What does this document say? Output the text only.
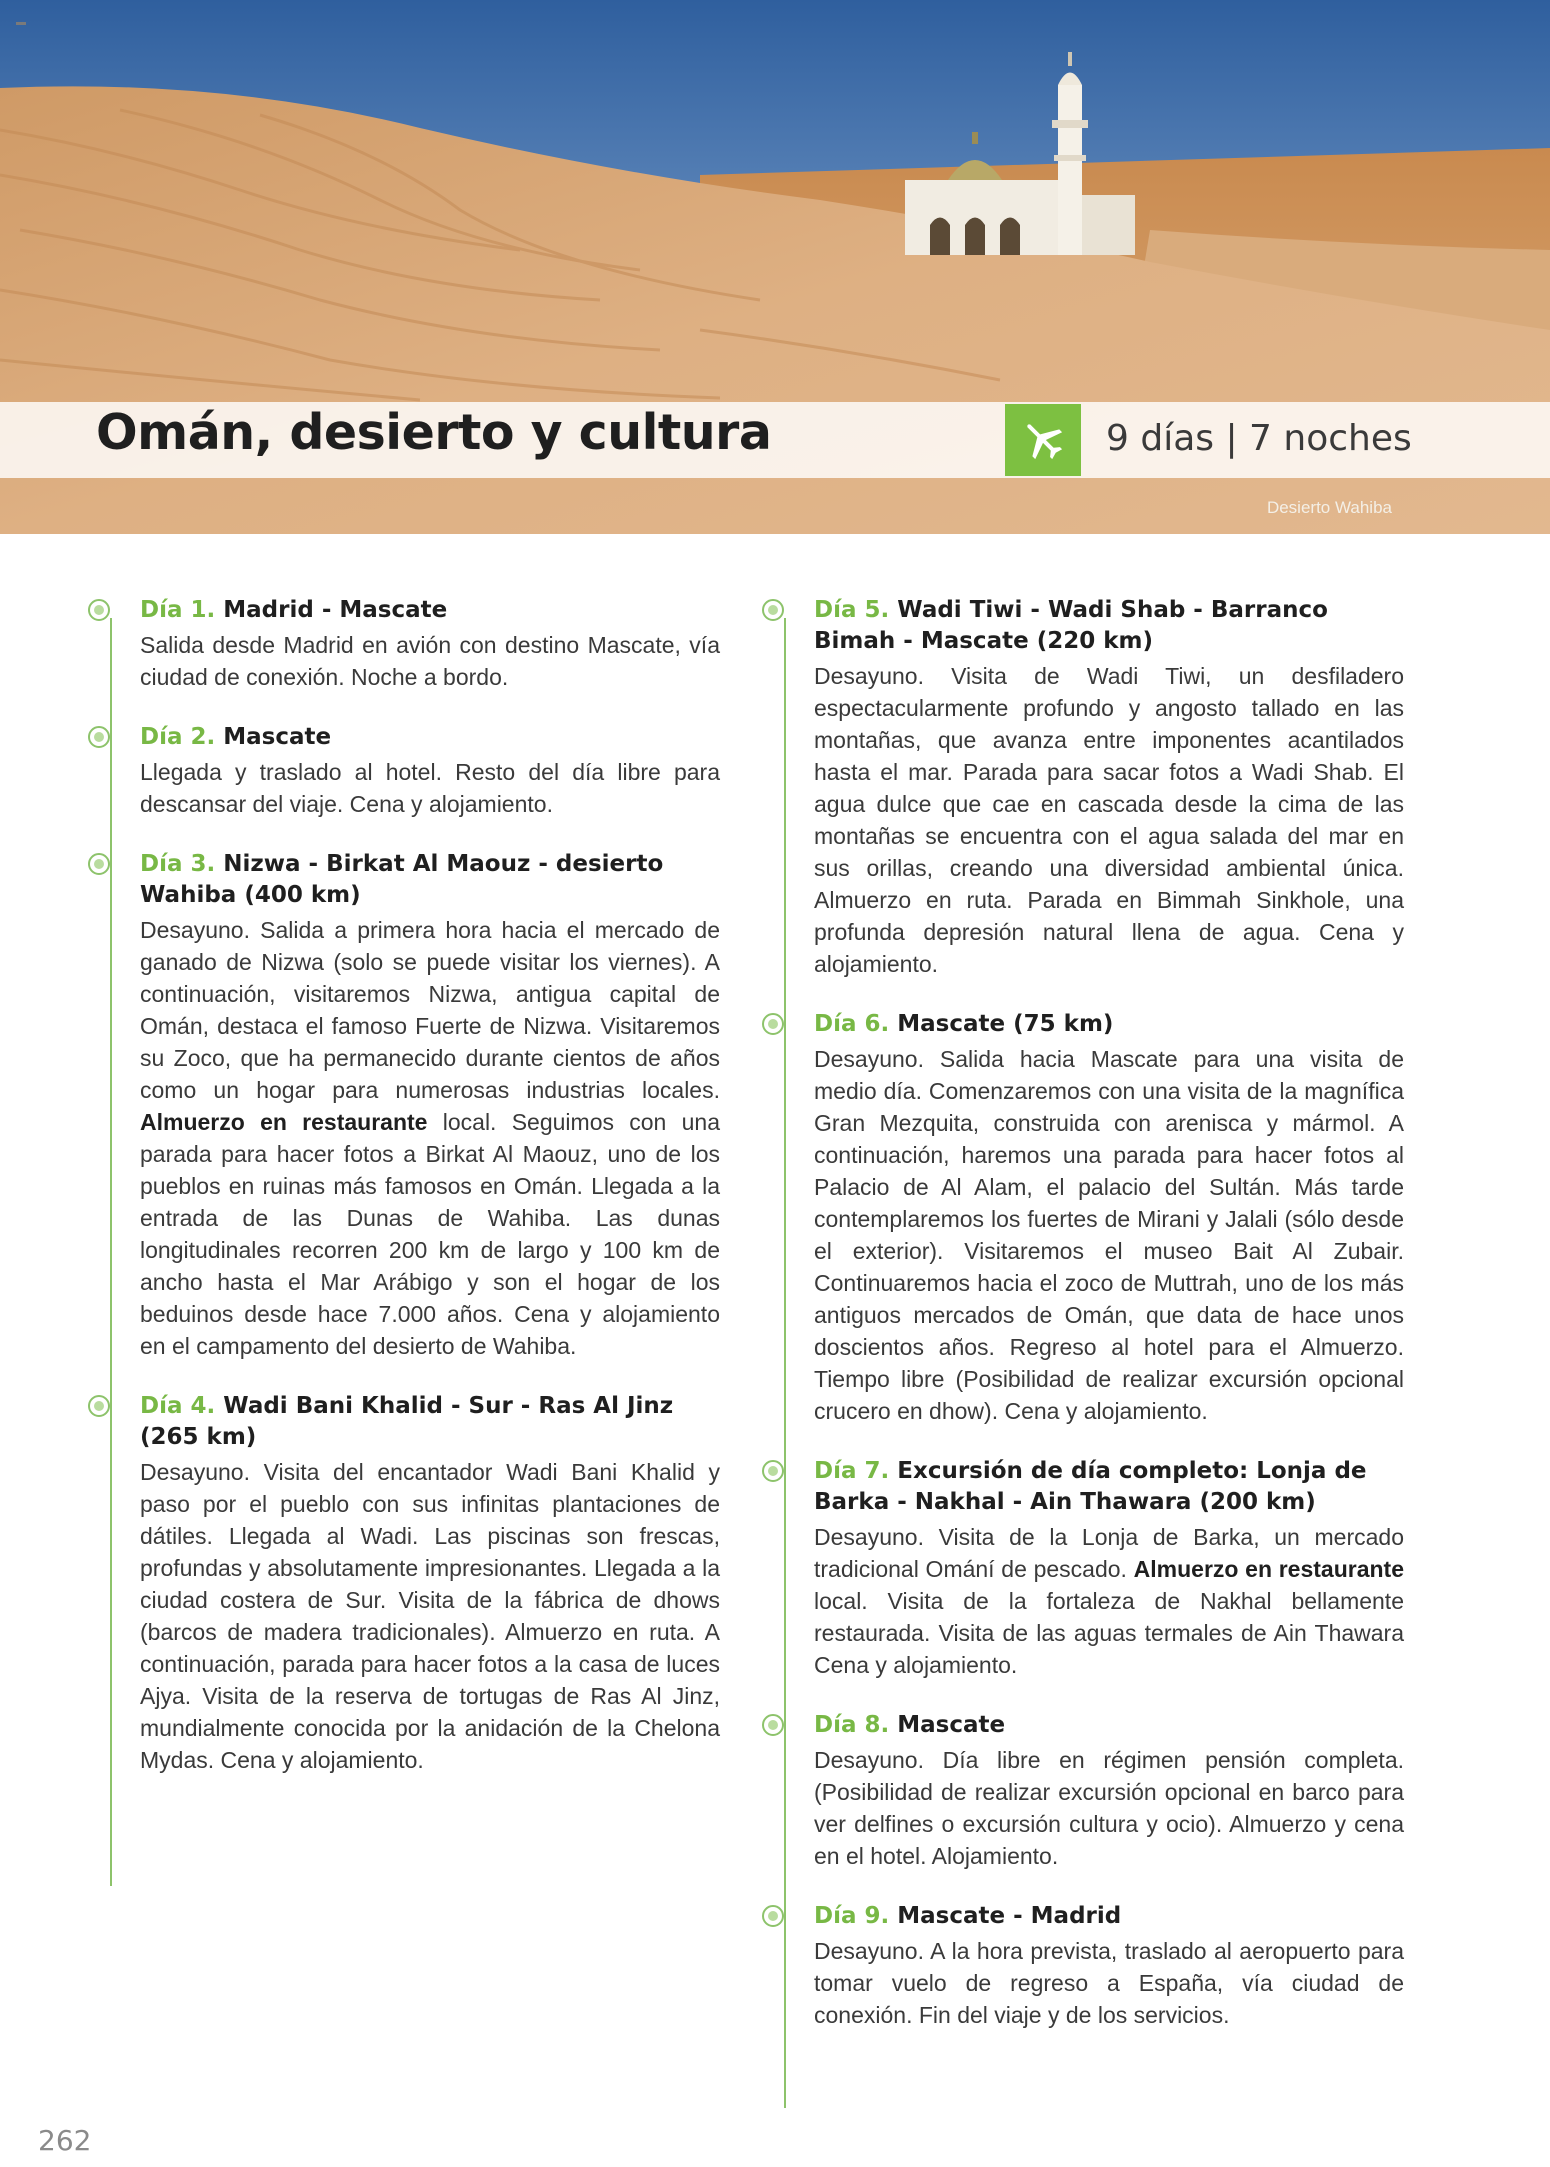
Omán, desierto y cultura	9 días | 7 noches
Desierto Wahiba

Día 1. Madrid - Mascate

Salida desde Madrid en avión con destino Mascate, vía ciudad de conexión. Noche a bordo.

Día 2. Mascate

Llegada y traslado al hotel. Resto del día libre para descansar del viaje. Cena y alojamiento.

Día 3. Nizwa - Birkat Al Maouz - desierto Wahiba (400 km)

Desayuno. Salida a primera hora hacia el mercado de ganado de Nizwa (solo se puede visitar los viernes). A continuación, visitaremos Nizwa, antigua capital de Omán, destaca el famoso Fuerte de Nizwa. Visitaremos su Zoco, que ha permanecido durante cientos de años como un hogar para numerosas industrias locales. Almuerzo en restaurante local. Seguimos con una parada para hacer fotos a Birkat Al Maouz, uno de los pueblos en ruinas más famosos en Omán. Llegada a la entrada de las Dunas de Wahiba. Las dunas longitudinales recorren 200 km de largo y 100 km de ancho hasta el Mar Arábigo y son el hogar de los beduinos desde hace 7.000 años. Cena y alojamiento en el campamento del desierto de Wahiba.

Día 4. Wadi Bani Khalid - Sur - Ras Al Jinz (265 km)

Desayuno. Visita del encantador Wadi Bani Khalid y paso por el pueblo con sus infinitas plantaciones de dátiles. Llegada al Wadi. Las piscinas son frescas, profundas y absolutamente impresionantes. Llegada a la ciudad costera de Sur. Visita de la fábrica de dhows (barcos de madera tradicionales). Almuerzo en ruta. A continuación, parada para hacer fotos a la casa de luces Ajya. Visita de la reserva de tortugas de Ras Al Jinz, mundialmente conocida por la anidación de la Chelona Mydas. Cena y alojamiento.

Día 5. Wadi Tiwi - Wadi Shab - Barranco Bimah - Mascate (220 km)

Desayuno. Visita de Wadi Tiwi, un desfiladero espectacularmente profundo y angosto tallado en las montañas, que avanza entre imponentes acantilados hasta el mar. Parada para sacar fotos a Wadi Shab. El agua dulce que cae en cascada desde la cima de las montañas se encuentra con el agua salada del mar en sus orillas, creando una diversidad ambiental única. Almuerzo en ruta. Parada en Bimmah Sinkhole, una profunda depresión natural llena de agua. Cena y alojamiento.

Día 6. Mascate (75 km)

Desayuno. Salida hacia Mascate para una visita de medio día. Comenzaremos con una visita de la magnífica Gran Mezquita, construida con arenisca y mármol. A continuación, haremos una parada para hacer fotos al Palacio de Al Alam, el palacio del Sultán. Más tarde contemplaremos los fuertes de Mirani y Jalali (sólo desde el exterior). Visitaremos el museo Bait Al Zubair. Continuaremos hacia el zoco de Muttrah, uno de los más antiguos mercados de Omán, que data de hace unos doscientos años. Regreso al hotel para el Almuerzo. Tiempo libre (Posibilidad de realizar excursión opcional crucero en dhow). Cena y alojamiento.

Día 7. Excursión de día completo: Lonja de Barka - Nakhal - Ain Thawara (200 km)

Desayuno. Visita de la Lonja de Barka, un mercado tradicional Omání de pescado. Almuerzo en restaurante local. Visita de la fortaleza de Nakhal bellamente restaurada. Visita de las aguas termales de Ain Thawara Cena y alojamiento.

Día 8. Mascate

Desayuno. Día libre en régimen pensión completa. (Posibilidad de realizar excursión opcional en barco para ver delfines o excursión cultura y ocio). Almuerzo y cena en el hotel. Alojamiento.

Día 9. Mascate - Madrid

Desayuno. A la hora prevista, traslado al aeropuerto para tomar vuelo de regreso a España, vía ciudad de conexión. Fin del viaje y de los servicios.

262
